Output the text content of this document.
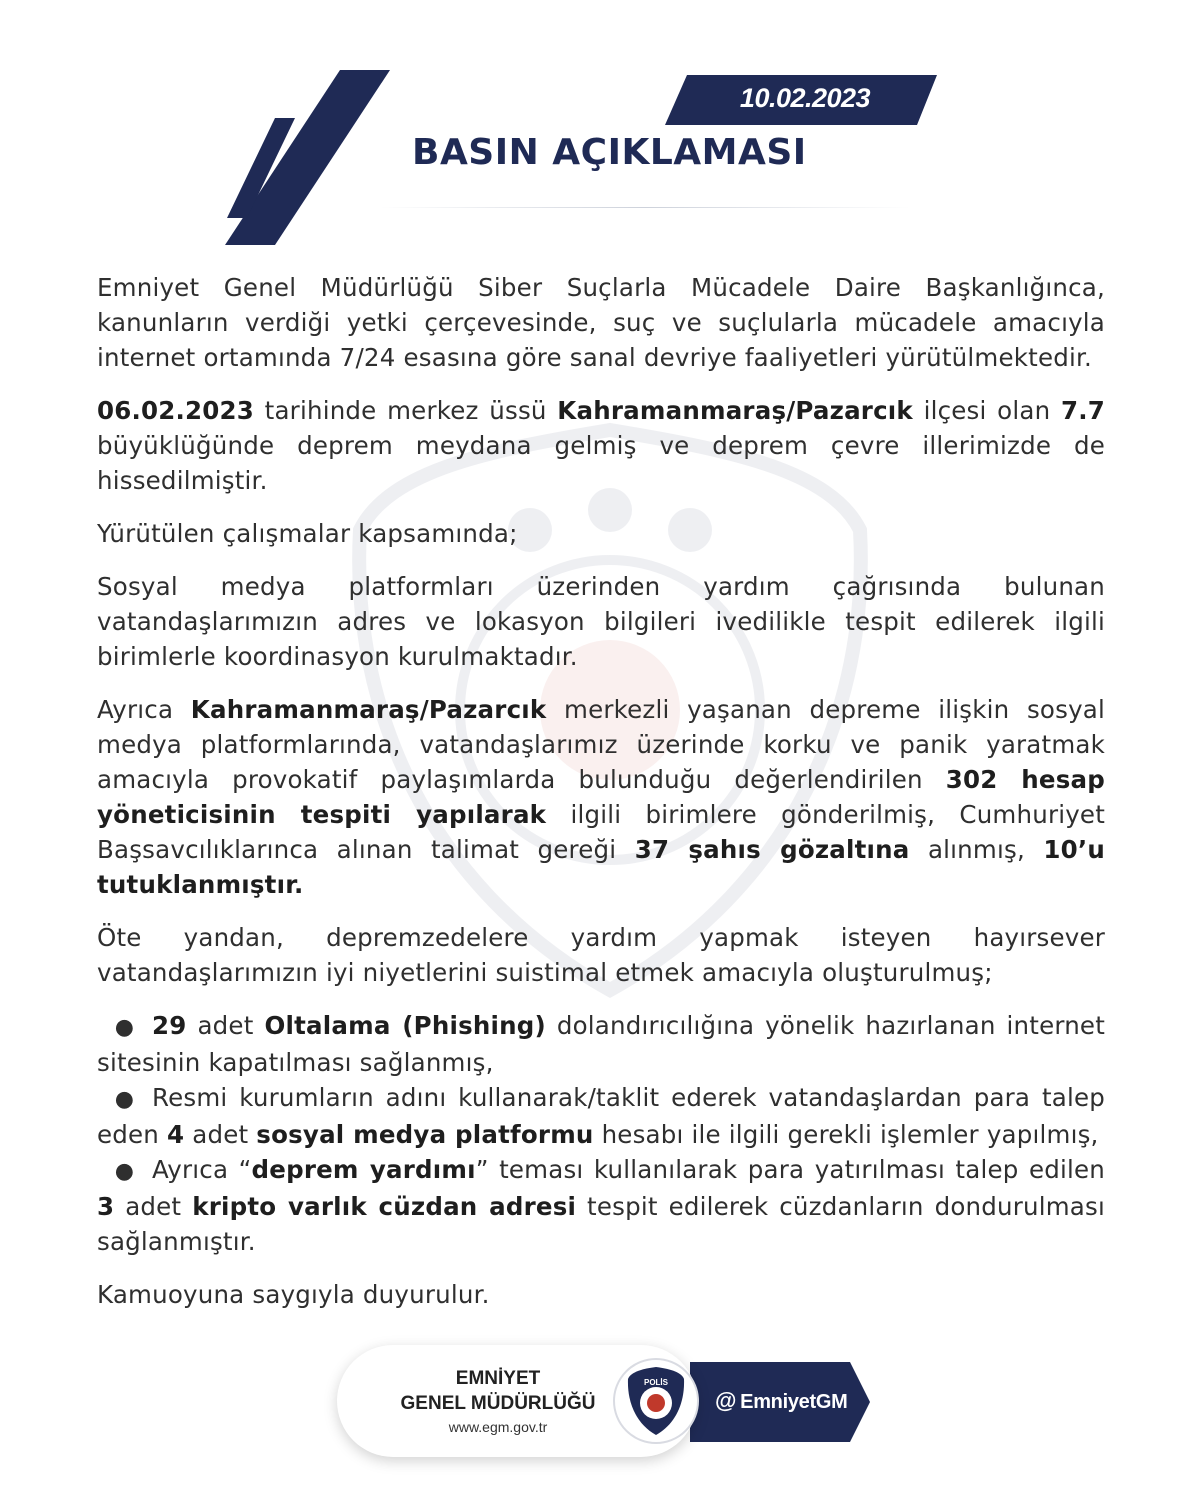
10.02.2023
BASIN AÇIKLAMASI

Emniyet Genel Müdürlüğü Siber Suçlarla Mücadele Daire Başkanlığınca, kanunların verdiği yetki çerçevesinde, suç ve suçlularla mücadele amacıyla internet ortamında 7/24 esasına göre sanal devriye faaliyetleri yürütülmektedir.

06.02.2023 tarihinde merkez üssü Kahramanmaraş/Pazarcık ilçesi olan 7.7 büyüklüğünde deprem meydana gelmiş ve deprem çevre illerimizde de hissedilmiştir.

Yürütülen çalışmalar kapsamında;

Sosyal medya platformları üzerinden yardım çağrısında bulunan vatandaşlarımızın adres ve lokasyon bilgileri ivedilikle tespit edilerek ilgili birimlerle koordinasyon kurulmaktadır.

Ayrıca Kahramanmaraş/Pazarcık merkezli yaşanan depreme ilişkin sosyal medya platformlarında, vatandaşlarımız üzerinde korku ve panik yaratmak amacıyla provokatif paylaşımlarda bulunduğu değerlendirilen 302 hesap yöneticisinin tespiti yapılarak ilgili birimlere gönderilmiş, Cumhuriyet Başsavcılıklarınca alınan talimat gereği 37 şahıs gözaltına alınmış, 10’u tutuklanmıştır.

Öte yandan, depremzedelere yardım yapmak isteyen hayırsever vatandaşlarımızın iyi niyetlerini suistimal etmek amacıyla oluşturulmuş;

● 29 adet Oltalama (Phishing) dolandırıcılığına yönelik hazırlanan internet sitesinin kapatılması sağlanmış,
● Resmi kurumların adını kullanarak/taklit ederek vatandaşlardan para talep eden 4 adet sosyal medya platformu hesabı ile ilgili gerekli işlemler yapılmış,
● Ayrıca “deprem yardımı” teması kullanılarak para yatırılması talep edilen 3 adet kripto varlık cüzdan adresi tespit edilerek cüzdanların dondurulması sağlanmıştır.

Kamuoyuna saygıyla duyurulur.

EMNİYET
GENEL MÜDÜRLÜĞÜ
www.egm.gov.tr
POLİS
@ EmniyetGM
